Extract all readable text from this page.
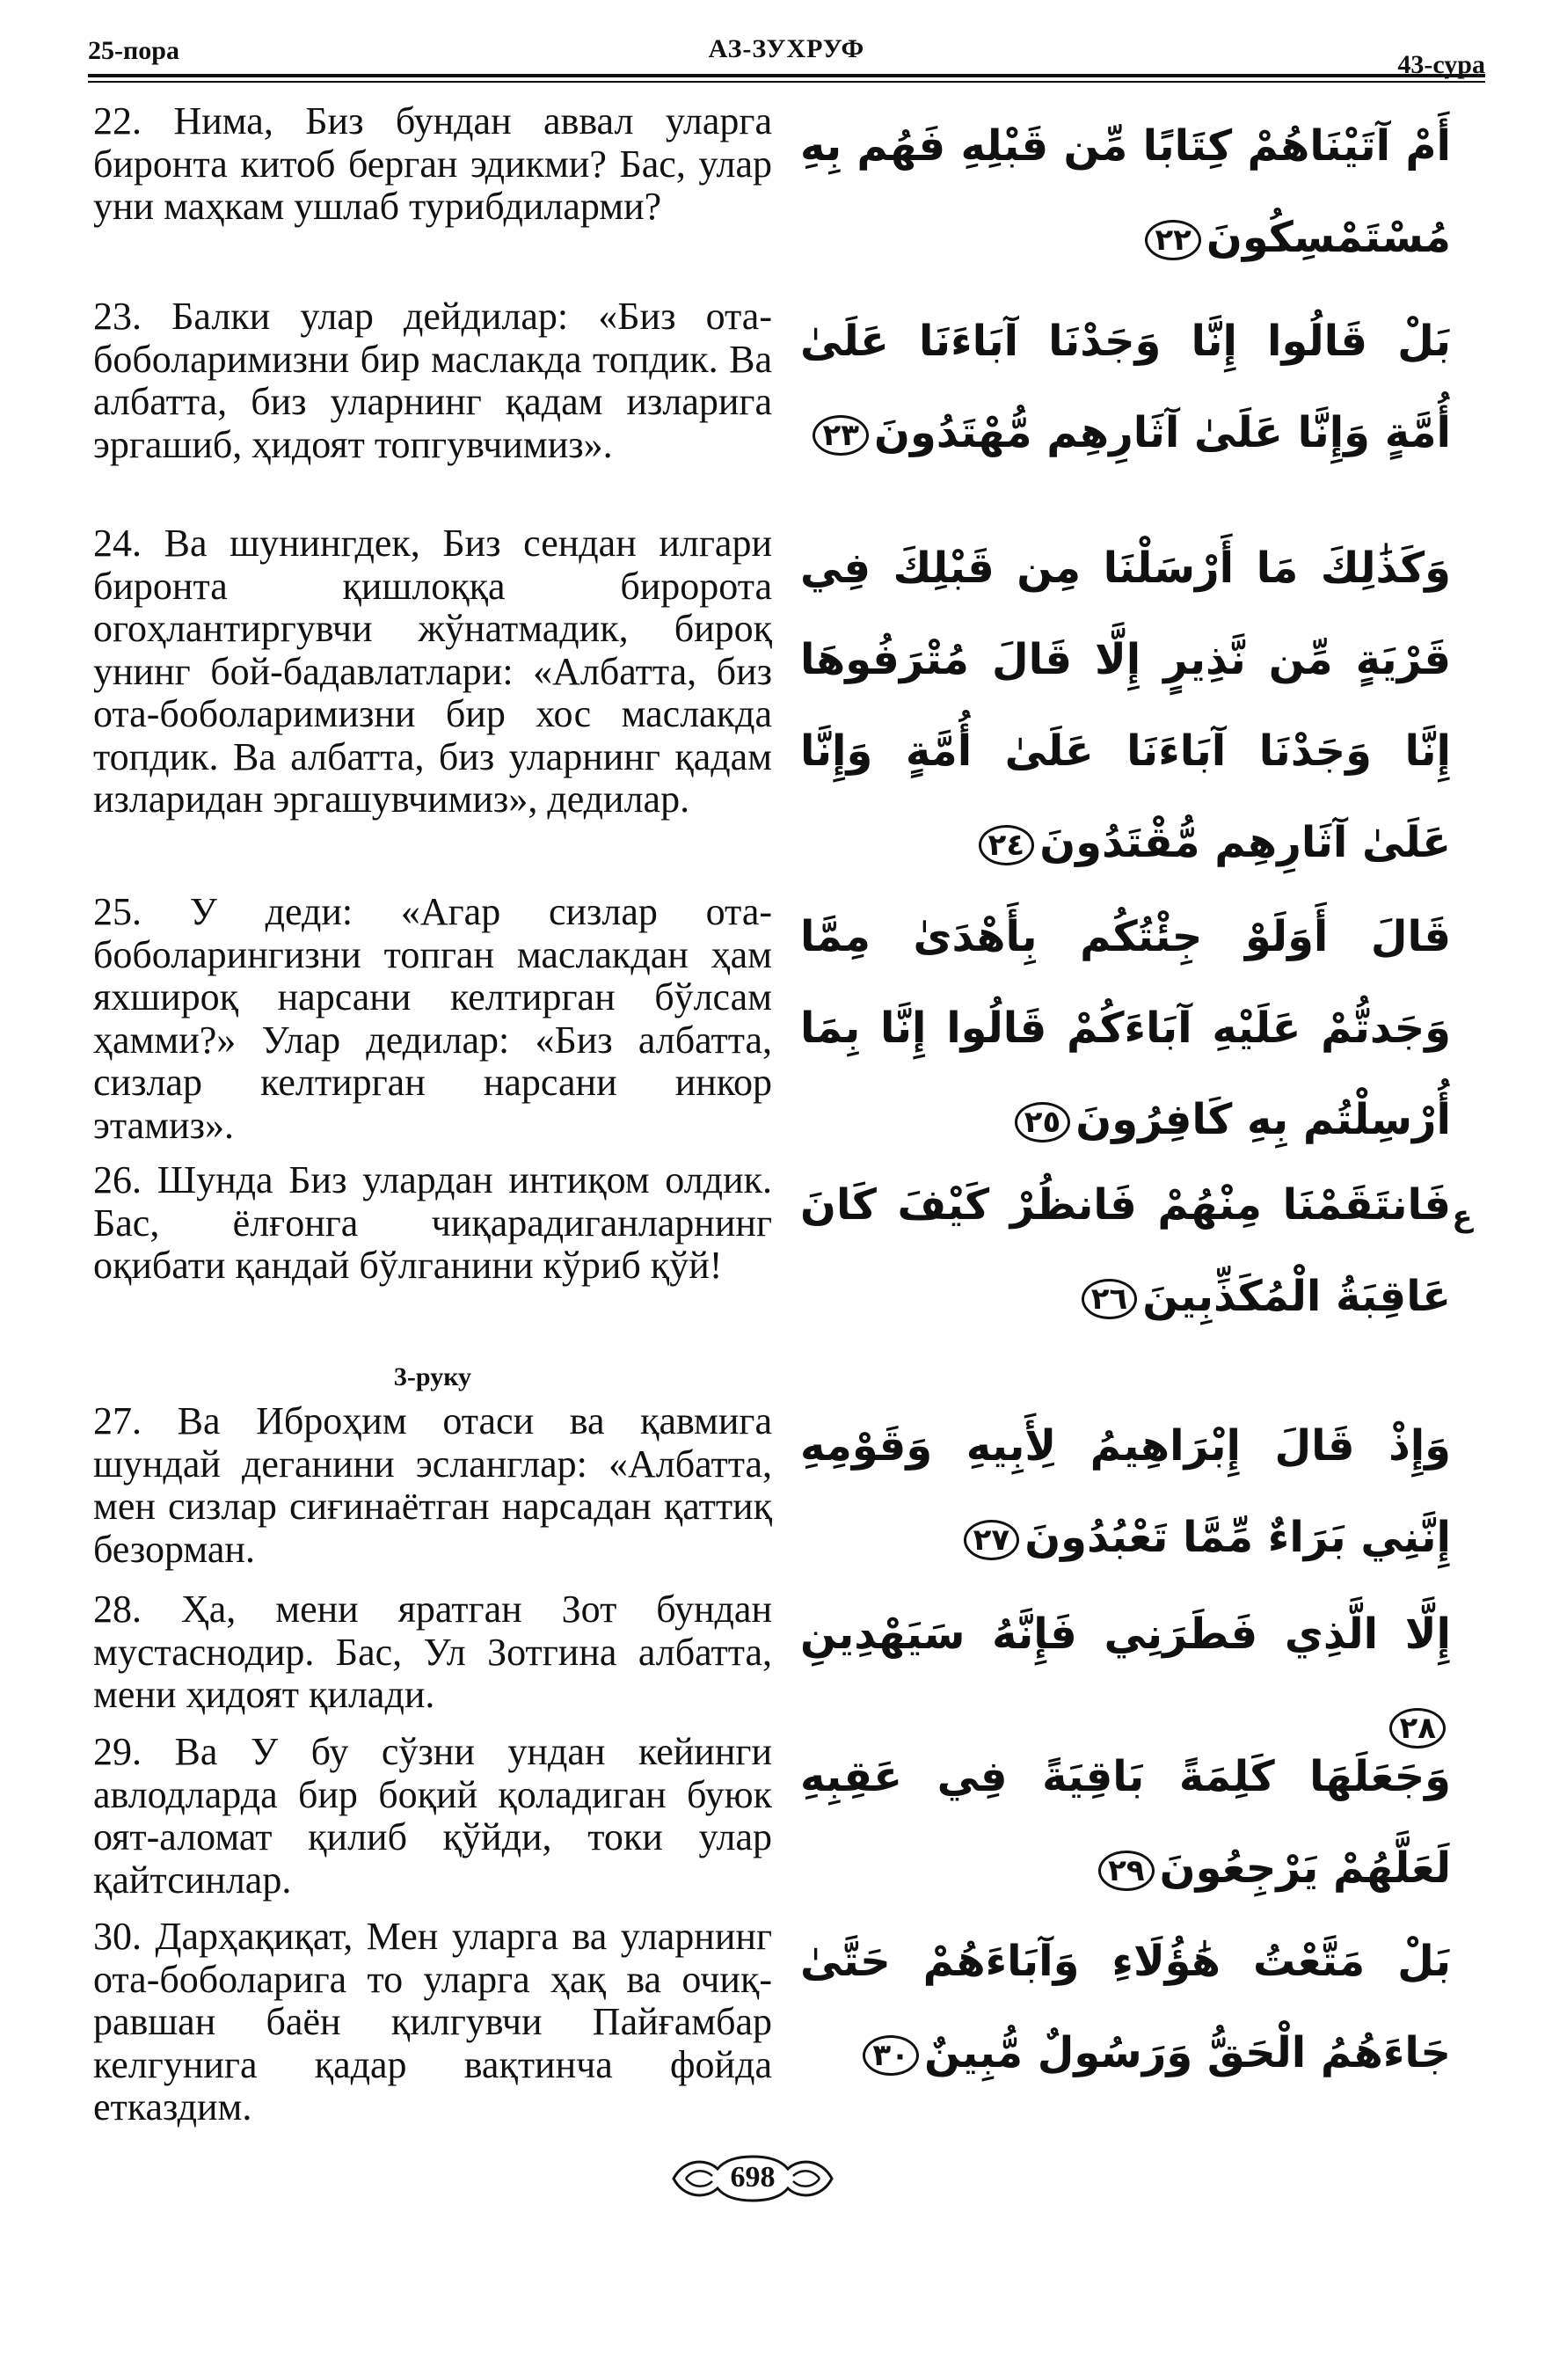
25-пора	АЗ-ЗУХРУФ
43-сура

22. Нима, Биз бундан аввал уларга биронта китоб берган эдикми? Бас, улар уни маҳкам ушлаб турибдиларми?

أَمْ آتَيْنَاهُمْ كِتَابًا مِّن قَبْلِهِ فَهُم بِهِ مُسْتَمْسِكُونَ٢٢

23. Балки улар дейдилар: «Биз ота-боболаримизни бир маслакда топдик. Ва албатта, биз уларнинг қадам изларига эргашиб, ҳидоят топгувчимиз».

بَلْ قَالُوا إِنَّا وَجَدْنَا آبَاءَنَا عَلَىٰ أُمَّةٍ وَإِنَّا عَلَىٰ آثَارِهِم مُّهْتَدُونَ٢٣

24. Ва шунингдек, Биз сендан илгари биронта қишлоққа биророта огоҳлантиргувчи жўнатмадик, бироқ унинг бой-бадавлатлари: «Албатта, биз ота-боболаримизни бир хос маслакда топдик. Ва албатта, биз уларнинг қадам изларидан эргашувчимиз», дедилар.

وَكَذَٰلِكَ مَا أَرْسَلْنَا مِن قَبْلِكَ فِي قَرْيَةٍ مِّن نَّذِيرٍ إِلَّا قَالَ مُتْرَفُوهَا إِنَّا وَجَدْنَا آبَاءَنَا عَلَىٰ أُمَّةٍ وَإِنَّا عَلَىٰ آثَارِهِم مُّقْتَدُونَ٢٤

25. У деди: «Агар сизлар ота-боболарингизни топган маслакдан ҳам яхшироқ нарсани келтирган бўлсам ҳамми?» Улар дедилар: «Биз албатта, сизлар келтирган нарсани инкор этамиз».

قَالَ أَوَلَوْ جِئْتُكُم بِأَهْدَىٰ مِمَّا وَجَدتُّمْ عَلَيْهِ آبَاءَكُمْ قَالُوا إِنَّا بِمَا أُرْسِلْتُم بِهِ كَافِرُونَ٢٥

26. Шунда Биз улардан интиқом олдик. Бас, ёлғонга чиқарадиганларнинг оқибати қандай бўлганини кўриб қўй!

فَانتَقَمْنَا مِنْهُمْ فَانظُرْ كَيْفَ كَانَ عَاقِبَةُ الْمُكَذِّبِينَ٢٦

ع
3-руку

27. Ва Иброҳим отаси ва қавмига шундай деганини эсланглар: «Албатта, мен сизлар сиғинаётган нарсадан қаттиқ безорман.

وَإِذْ قَالَ إِبْرَاهِيمُ لِأَبِيهِ وَقَوْمِهِ إِنَّنِي بَرَاءٌ مِّمَّا تَعْبُدُونَ٢٧

28. Ҳа, мени яратган Зот бундан мустаснодир. Бас, Ул Зотгина албатта, мени ҳидоят қилади.

إِلَّا الَّذِي فَطَرَنِي فَإِنَّهُ سَيَهْدِينِ٢٨

29. Ва У бу сўзни ундан кейинги авлодларда бир боқий қоладиган буюк оят-аломат қилиб қўйди, токи улар қайтсинлар.

وَجَعَلَهَا كَلِمَةً بَاقِيَةً فِي عَقِبِهِ لَعَلَّهُمْ يَرْجِعُونَ٢٩

30. Дарҳақиқат, Мен уларга ва уларнинг ота-боболарига то уларга ҳақ ва очиқ-равшан баён қилгувчи Пайғамбар келгунига қадар вақтинча фойда етказдим.

بَلْ مَتَّعْتُ هَٰؤُلَاءِ وَآبَاءَهُمْ حَتَّىٰ جَاءَهُمُ الْحَقُّ وَرَسُولٌ مُّبِينٌ٣٠

698
